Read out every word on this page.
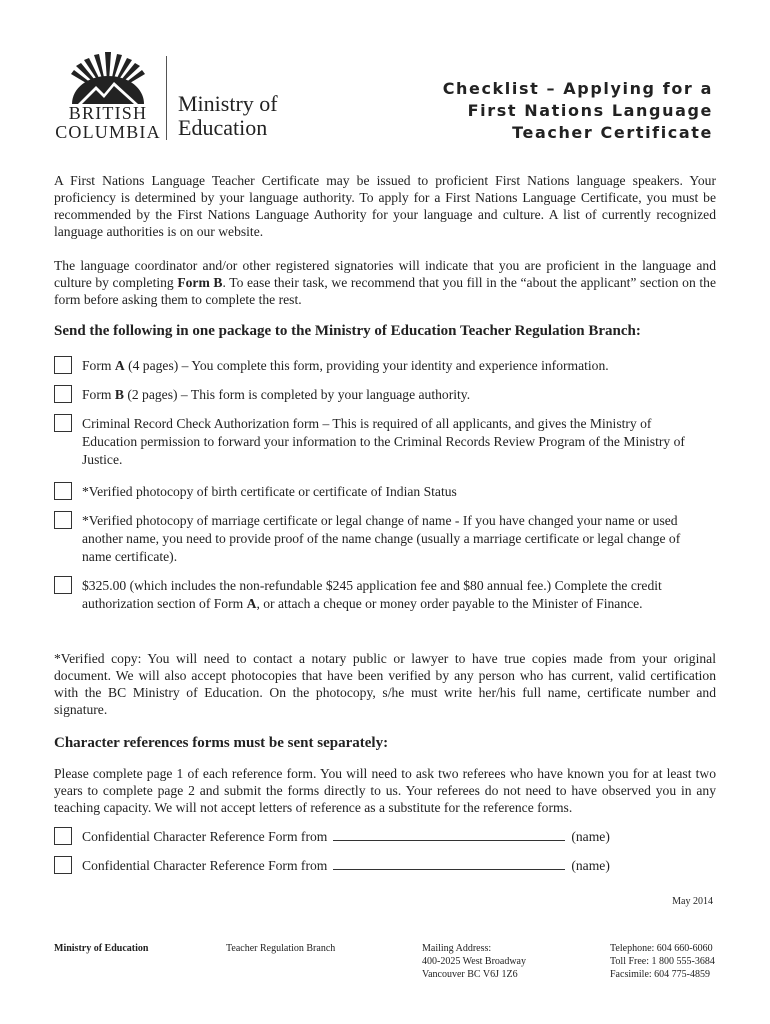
BRITISH
COLUMBIA
Ministry of
Education
Checklist – Applying for a
First Nations Language
Teacher Certificate
A First Nations Language Teacher Certificate may be issued to proficient First Nations language speakers. Your proficiency is determined by your language authority. To apply for a First Nations Language Certificate, you must be recommended by the First Nations Language Authority for your language and culture. A list of currently recognized language authorities is on our website.
The language coordinator and/or other registered signatories will indicate that you are proficient in the language and culture by completing Form B. To ease their task, we recommend that you fill in the “about the applicant” section on the form before asking them to complete the rest.
Send the following in one package to the Ministry of Education Teacher Regulation Branch:
Form A (4 pages) – You complete this form, providing your identity and experience information.
Form B (2 pages) – This form is completed by your language authority.
Criminal Record Check Authorization form – This is required of all applicants, and gives the Ministry of Education permission to forward your information to the Criminal Records Review Program of the Ministry of Justice.
*Verified photocopy of birth certificate or certificate of Indian Status
*Verified photocopy of marriage certificate or legal change of name - If you have changed your name or used another name, you need to provide proof of the name change (usually a marriage certificate or legal change of name certificate).
$325.00 (which includes the non-refundable $245 application fee and $80 annual fee.) Complete the credit authorization section of Form A, or attach a cheque or money order payable to the Minister of Finance.
*Verified copy: You will need to contact a notary public or lawyer to have true copies made from your original document. We will also accept photocopies that have been verified by any person who has current, valid certification with the BC Ministry of Education. On the photocopy, s/he must write her/his full name, certificate number and signature.
Character references forms must be sent separately:
Please complete page 1 of each reference form. You will need to ask two referees who have known you for at least two years to complete page 2 and submit the forms directly to us. Your referees do not need to have observed you in any teaching capacity. We will not accept letters of reference as a substitute for the reference forms.
Confidential Character Reference Form from	(name)
Confidential Character Reference Form from	(name)
May 2014
Ministry of Education	Teacher Regulation Branch	Mailing Address:
400-2025 West Broadway
Vancouver BC V6J 1Z6
Telephone: 604 660-6060
Toll Free: 1 800 555-3684
Facsimile: 604 775-4859
